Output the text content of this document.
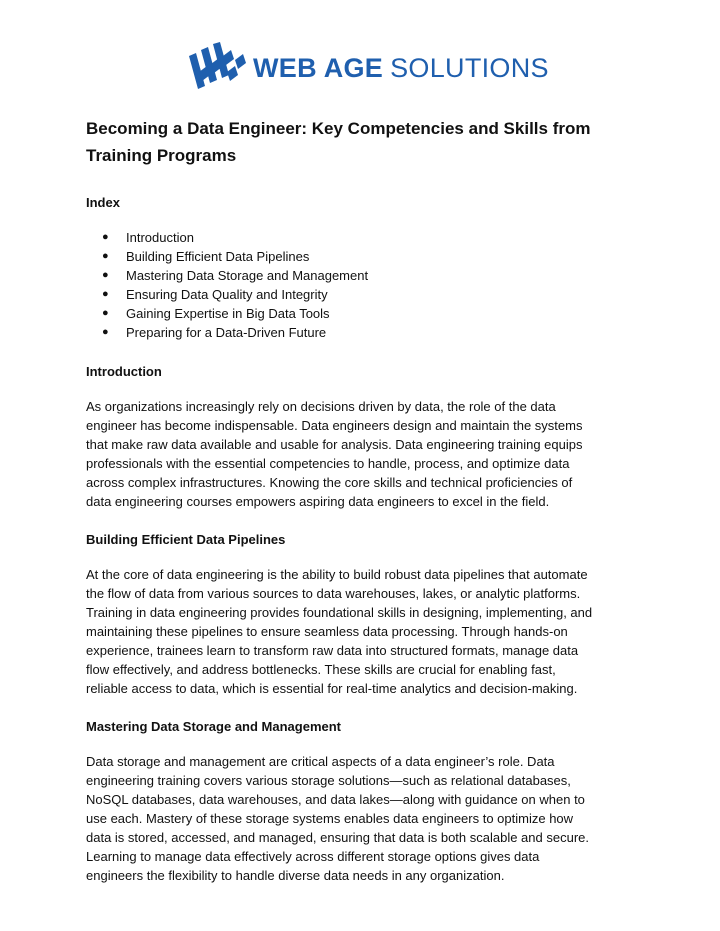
WEB AGE SOLUTIONS
Becoming a Data Engineer: Key Competencies and Skills from
Training Programs
Index
●	Introduction
●	Building Efficient Data Pipelines
●	Mastering Data Storage and Management
●	Ensuring Data Quality and Integrity
●	Gaining Expertise in Big Data Tools
●	Preparing for a Data-Driven Future
Introduction

As organizations increasingly rely on decisions driven by data, the role of the data
engineer has become indispensable. Data engineers design and maintain the systems
that make raw data available and usable for analysis. Data engineering training equips
professionals with the essential competencies to handle, process, and optimize data
across complex infrastructures. Knowing the core skills and technical proficiencies of
data engineering courses empowers aspiring data engineers to excel in the field.

Building Efficient Data Pipelines

At the core of data engineering is the ability to build robust data pipelines that automate
the flow of data from various sources to data warehouses, lakes, or analytic platforms.
Training in data engineering provides foundational skills in designing, implementing, and
maintaining these pipelines to ensure seamless data processing. Through hands-on
experience, trainees learn to transform raw data into structured formats, manage data
flow effectively, and address bottlenecks. These skills are crucial for enabling fast,
reliable access to data, which is essential for real-time analytics and decision-making.

Mastering Data Storage and Management

Data storage and management are critical aspects of a data engineer’s role. Data
engineering training covers various storage solutions—such as relational databases,
NoSQL databases, data warehouses, and data lakes—along with guidance on when to
use each. Mastery of these storage systems enables data engineers to optimize how
data is stored, accessed, and managed, ensuring that data is both scalable and secure.
Learning to manage data effectively across different storage options gives data
engineers the flexibility to handle diverse data needs in any organization.
